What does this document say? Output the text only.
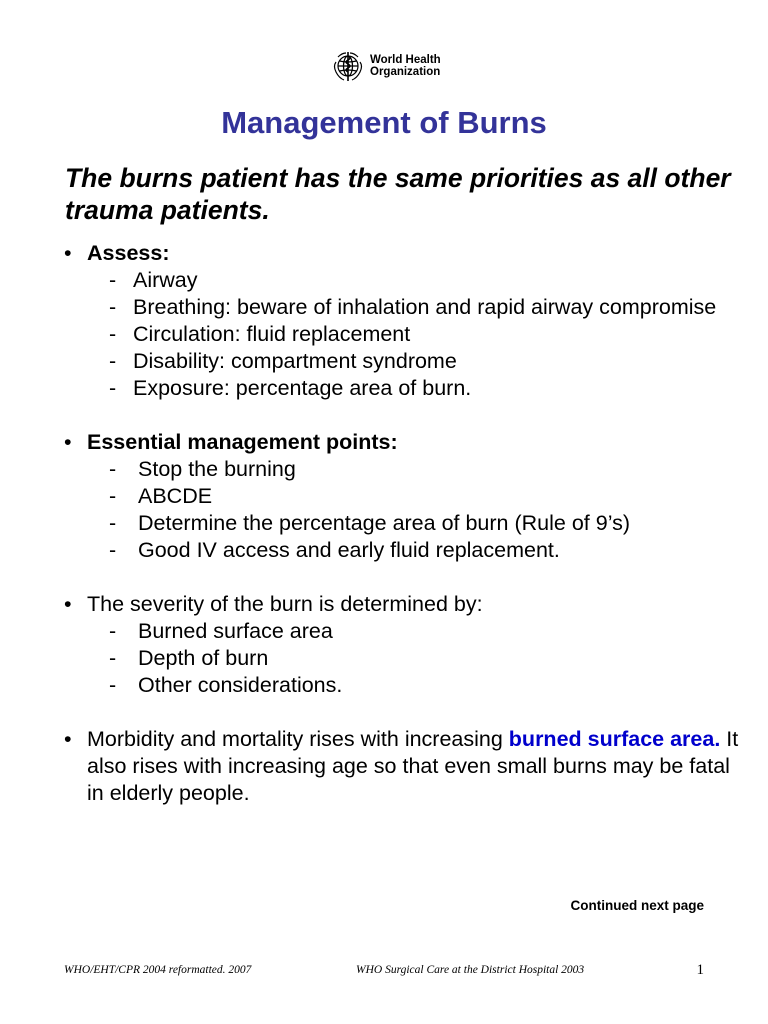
World Health
Organization
Management of Burns

The burns patient has the same priorities as all other trauma patients.

• Assess:
- Airway
- Breathing: beware of inhalation and rapid airway compromise
- Circulation: fluid replacement
- Disability: compartment syndrome
- Exposure: percentage area of burn.
• Essential management points:
-	Stop the burning
-	ABCDE
-	Determine the percentage area of burn (Rule of 9’s)
-	Good IV access and early fluid replacement.
• The severity of the burn is determined by:
-	Burned surface area
-	Depth of burn
-	Other considerations.
• Morbidity and mortality rises with increasing burned surface area. It also rises with increasing age so that even small burns may be fatal in elderly people.
Continued next page
WHO/EHT/CPR 2004 reformatted. 2007	WHO Surgical Care at the District Hospital 2003	1
